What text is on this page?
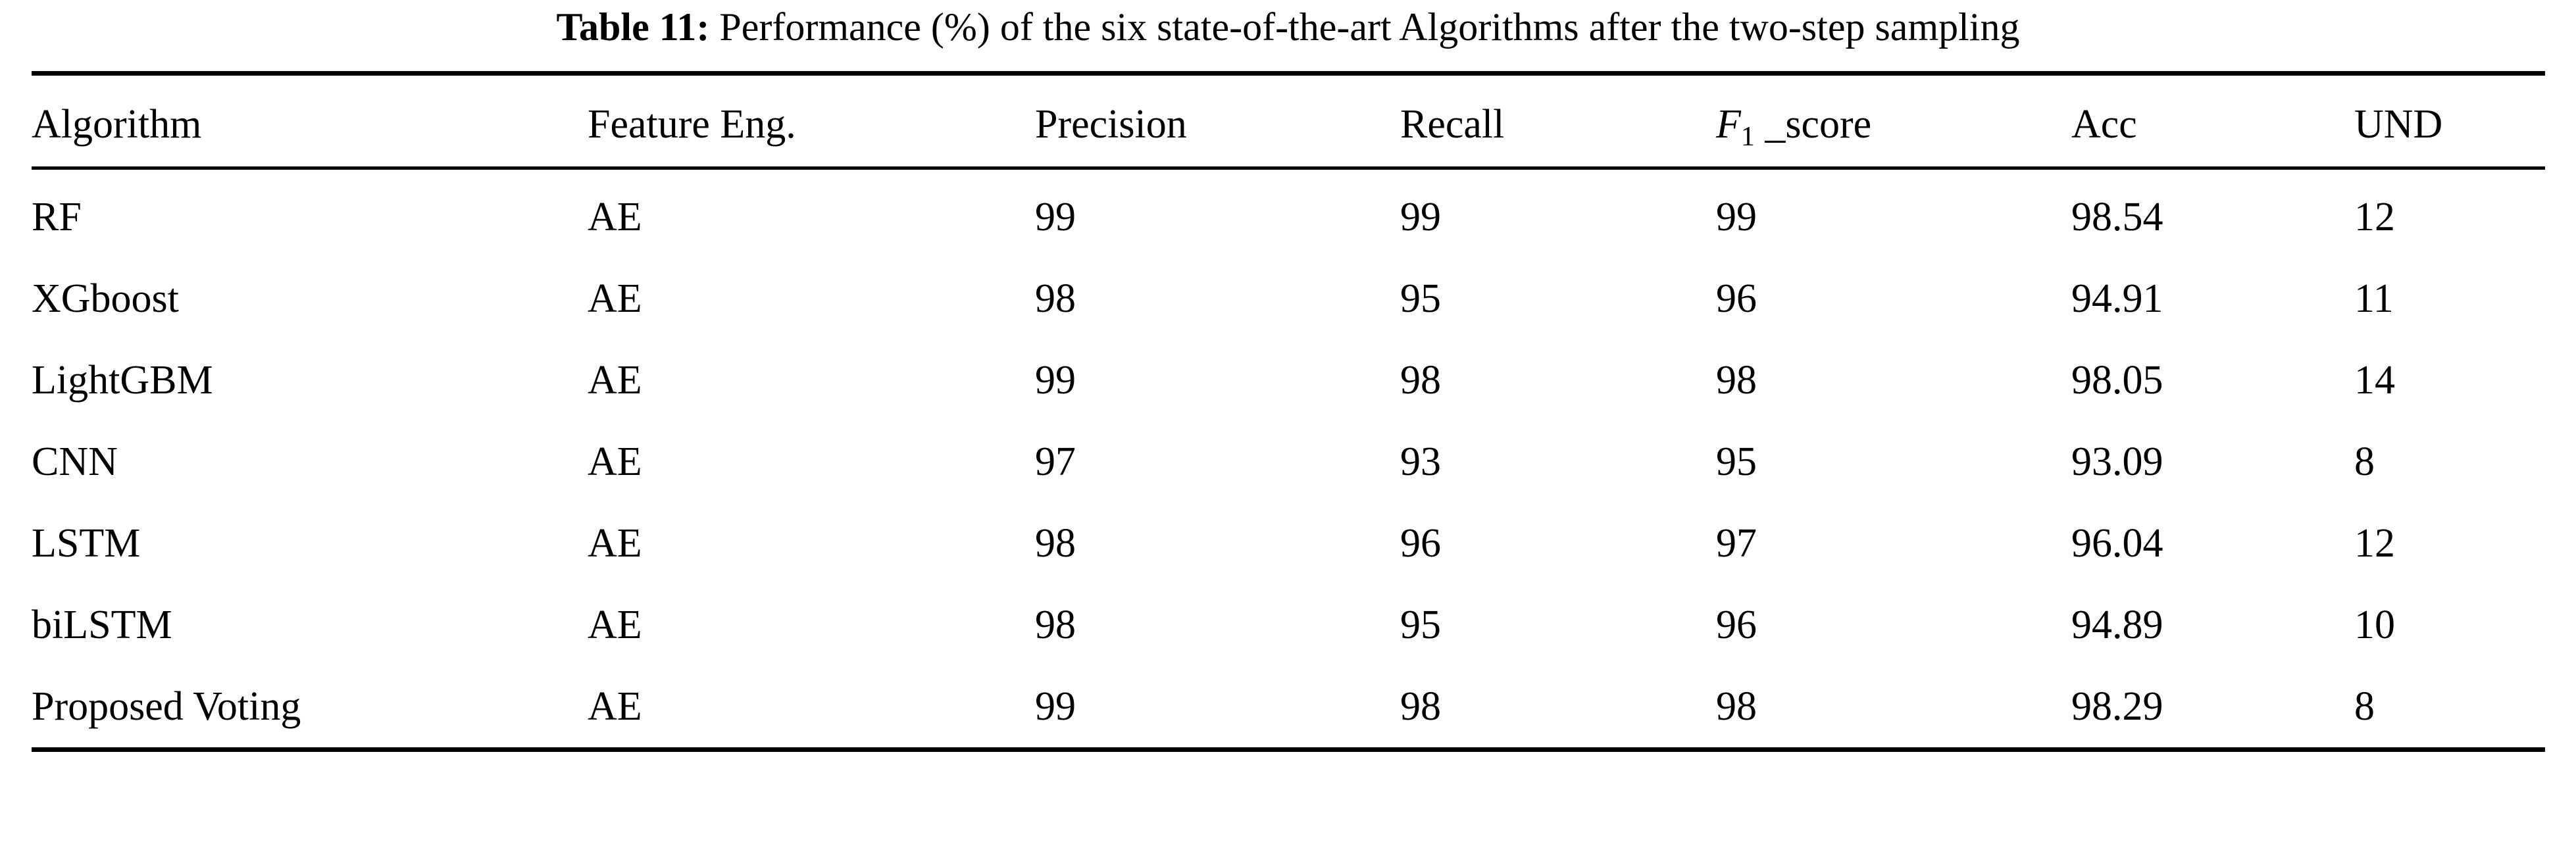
Table 11: Performance (%) of the six state-of-the-art Algorithms after the two-step sampling

Algorithm	Feature Eng.	Precision	Recall	F1 _score	Acc	UND

RF	AE	99	99	99	98.54	12
XGboost	AE	98	95	96	94.91	11
LightGBM	AE	99	98	98	98.05	14
CNN	AE	97	93	95	93.09	8
LSTM	AE	98	96	97	96.04	12
biLSTM	AE	98	95	96	94.89	10
Proposed Voting	AE	99	98	98	98.29	8
